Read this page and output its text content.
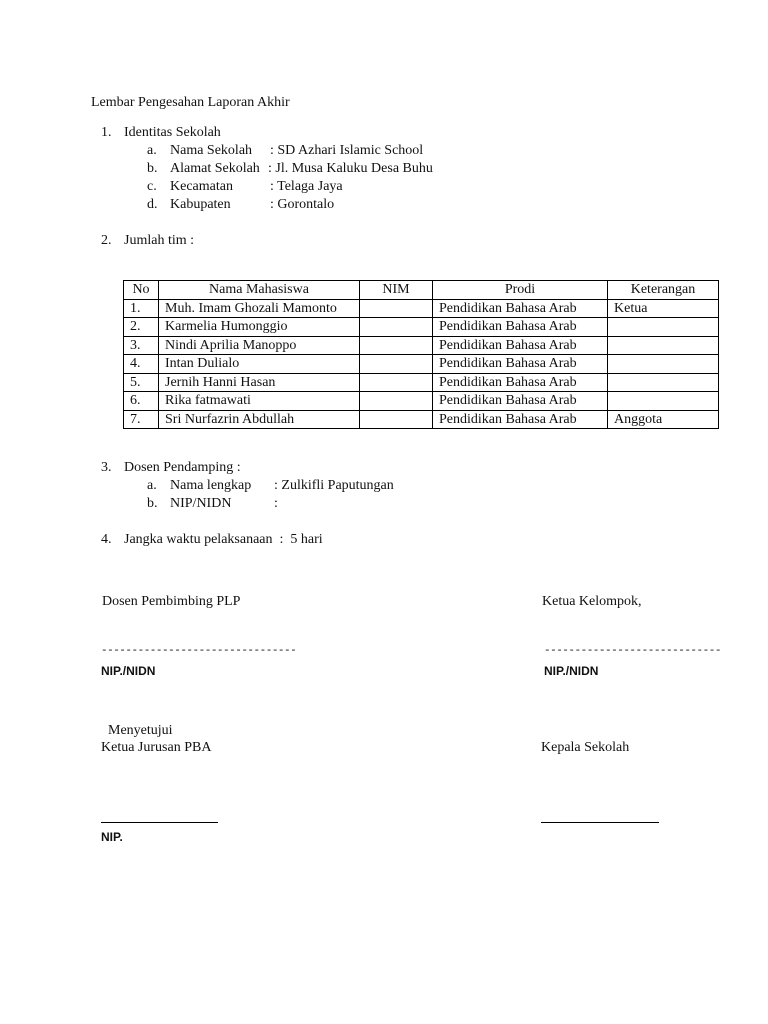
Lembar Pengesahan Laporan Akhir
1. Identitas Sekolah
a. Nama Sekolah : SD Azhari Islamic School
b. Alamat Sekolah : Jl. Musa Kaluku Desa Buhu
c. Kecamatan	: Telaga Jaya
d. Kabupaten	: Gorontalo
2. Jumlah tim :
No	Nama Mahasiswa	NIM	Prodi	Keterangan
1.	Muh. Imam Ghozali Mamonto		Pendidikan Bahasa Arab	Ketua
2.	Karmelia Humonggio		Pendidikan Bahasa Arab	
3.	Nindi Aprilia Manoppo		Pendidikan Bahasa Arab	
4.	Intan Dulialo		Pendidikan Bahasa Arab	
5.	Jernih Hanni Hasan		Pendidikan Bahasa Arab	
6.	Rika fatmawati		Pendidikan Bahasa Arab	
7.	Sri Nurfazrin Abdullah		Pendidikan Bahasa Arab	Anggota
3. Dosen Pendamping :
a. Nama lengkap : Zulkifli Paputungan
b. NIP/NIDN	:
4. Jangka waktu pelaksanaan  :  5 hari
Dosen Pembimbing PLP	Ketua Kelompok,
--------------------------------	-----------------------------
NIP./NIDN	NIP./NIDN
Menyetujui
Ketua Jurusan PBA	Kepala Sekolah
NIP.
